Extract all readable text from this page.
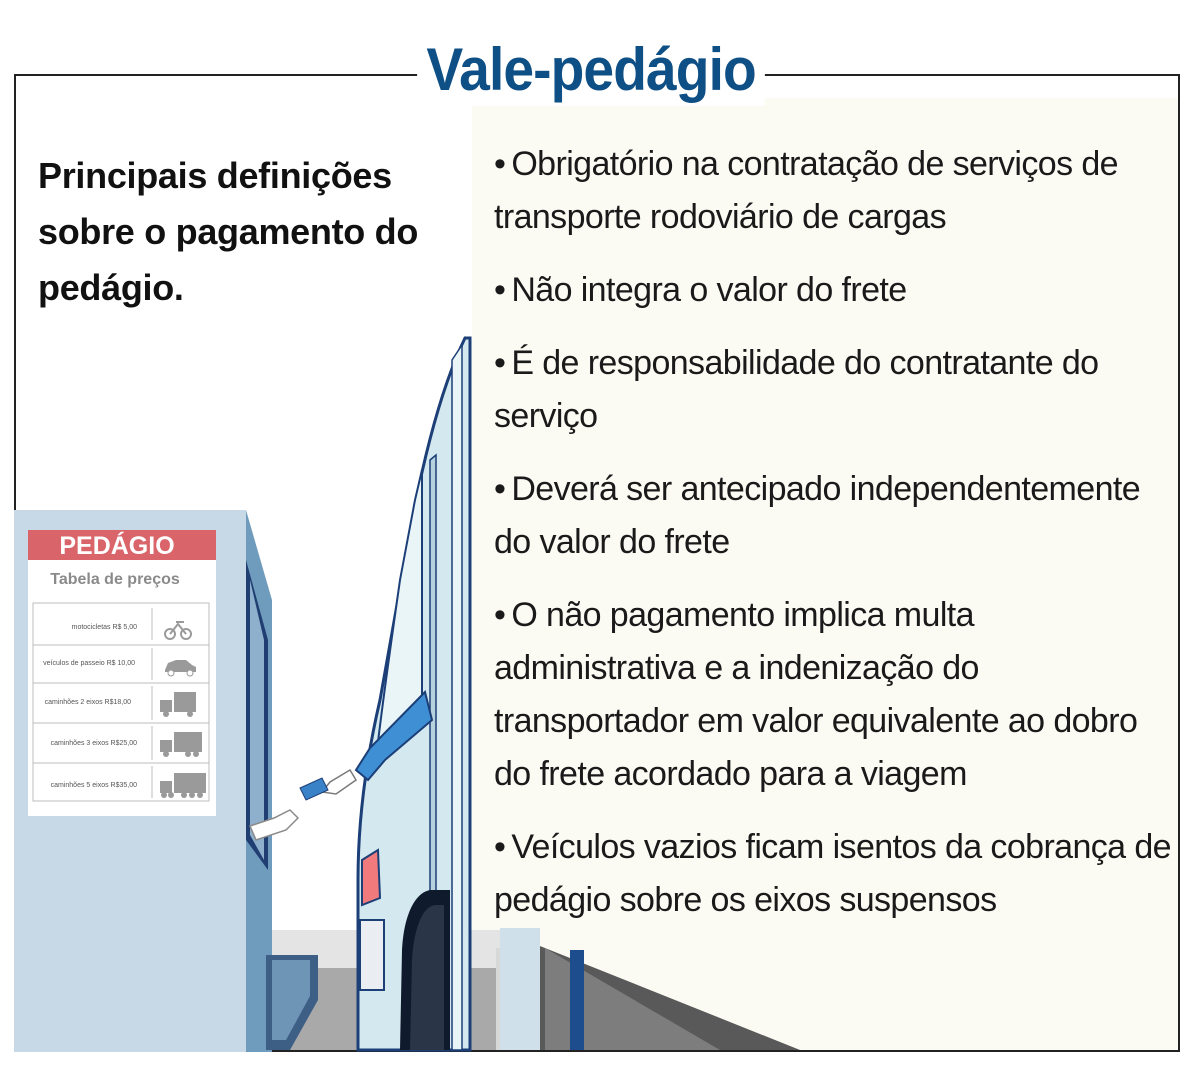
PEDÁGIO
Tabela de preços
motocicletas R$ 5,00
veículos de passeio R$ 10,00
caminhões 2 eixos R$18,00
caminhões 3 eixos R$25,00
caminhões 5 eixos R$35,00
Vale-pedágio

Principais definições sobre o pagamento do pedágio.

• Obrigatório na contratação de serviços de transporte rodoviário de cargas
• Não integra o valor do frete
• É de responsabilidade do contratante do serviço
• Deverá ser antecipado independentemente do valor do frete
• O não pagamento implica multa administrativa e a indenização do transportador em valor equivalente ao dobro do frete acordado para a viagem
• Veículos vazios ficam isentos da cobrança de pedágio sobre os eixos suspensos
